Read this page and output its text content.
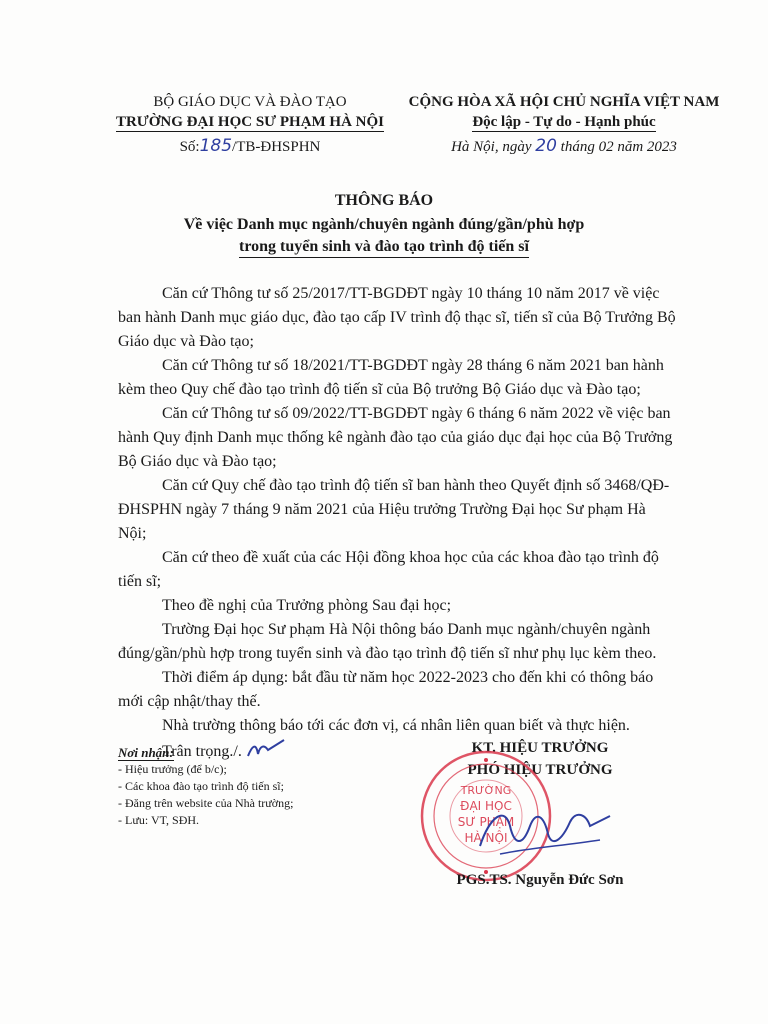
BỘ GIÁO DỤC VÀ ĐÀO TẠO
TRƯỜNG ĐẠI HỌC SƯ PHẠM HÀ NỘI
Số:185/TB-ĐHSPHN
CỘNG HÒA XÃ HỘI CHỦ NGHĨA VIỆT NAM
Độc lập - Tự do - Hạnh phúc
Hà Nội, ngày 20 tháng 02 năm 2023
THÔNG BÁO
Về việc Danh mục ngành/chuyên ngành đúng/gần/phù hợp
trong tuyển sinh và đào tạo trình độ tiến sĩ

Căn cứ Thông tư số 25/2017/TT-BGDĐT ngày 10 tháng 10 năm 2017 về việc ban hành Danh mục giáo dục, đào tạo cấp IV trình độ thạc sĩ, tiến sĩ của Bộ Trưởng Bộ Giáo dục và Đào tạo;

Căn cứ Thông tư số 18/2021/TT-BGDĐT ngày 28 tháng 6 năm 2021 ban hành kèm theo Quy chế đào tạo trình độ tiến sĩ của Bộ trưởng Bộ Giáo dục và Đào tạo;

Căn cứ Thông tư số 09/2022/TT-BGDĐT ngày 6 tháng 6 năm 2022 về việc ban hành Quy định Danh mục thống kê ngành đào tạo của giáo dục đại học của Bộ Trưởng Bộ Giáo dục và Đào tạo;

Căn cứ Quy chế đào tạo trình độ tiến sĩ ban hành theo Quyết định số 3468/QĐ-ĐHSPHN ngày 7 tháng 9 năm 2021 của Hiệu trưởng Trường Đại học Sư phạm Hà Nội;

Căn cứ theo đề xuất của các Hội đồng khoa học của các khoa đào tạo trình độ tiến sĩ;

Theo đề nghị của Trưởng phòng Sau đại học;

Trường Đại học Sư phạm Hà Nội thông báo Danh mục ngành/chuyên ngành đúng/gần/phù hợp trong tuyển sinh và đào tạo trình độ tiến sĩ như phụ lục kèm theo.

Thời điểm áp dụng: bắt đầu từ năm học 2022-2023 cho đến khi có thông báo mới cập nhật/thay thế.

Nhà trường thông báo tới các đơn vị, cá nhân liên quan biết và thực hiện.

Trân trọng./.

Nơi nhận:
- Hiệu trưởng (để b/c);
- Các khoa đào tạo trình độ tiến sĩ;
- Đăng trên website của Nhà trường;
- Lưu: VT, SĐH.
KT. HIỆU TRƯỞNG
PHÓ HIỆU TRƯỞNG
TRƯỜNG
ĐẠI HỌC
SƯ PHẠM
HÀ NỘI
PGS.TS. Nguyễn Đức Sơn
